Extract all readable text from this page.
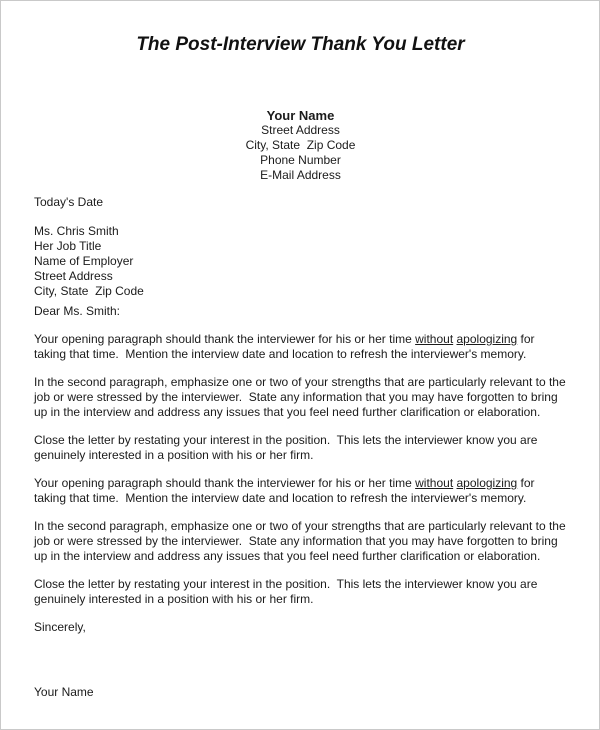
The Post-Interview Thank You Letter
Your Name
Street Address
City, State  Zip Code
Phone Number
E-Mail Address
Today's Date
Ms. Chris Smith
Her Job Title
Name of Employer
Street Address
City, State  Zip Code
Dear Ms. Smith:

Your opening paragraph should thank the interviewer for his or her time without apologizing for taking that time.  Mention the interview date and location to refresh the interviewer's memory.

In the second paragraph, emphasize one or two of your strengths that are particularly relevant to the job or were stressed by the interviewer.  State any information that you may have forgotten to bring up in the interview and address any issues that you feel need further clarification or elaboration.

Close the letter by restating your interest in the position.  This lets the interviewer know you are genuinely interested in a position with his or her firm.

Your opening paragraph should thank the interviewer for his or her time without apologizing for taking that time.  Mention the interview date and location to refresh the interviewer's memory.

In the second paragraph, emphasize one or two of your strengths that are particularly relevant to the job or were stressed by the interviewer.  State any information that you may have forgotten to bring up in the interview and address any issues that you feel need further clarification or elaboration.

Close the letter by restating your interest in the position.  This lets the interviewer know you are genuinely interested in a position with his or her firm.

Sincerely,
Your Name
